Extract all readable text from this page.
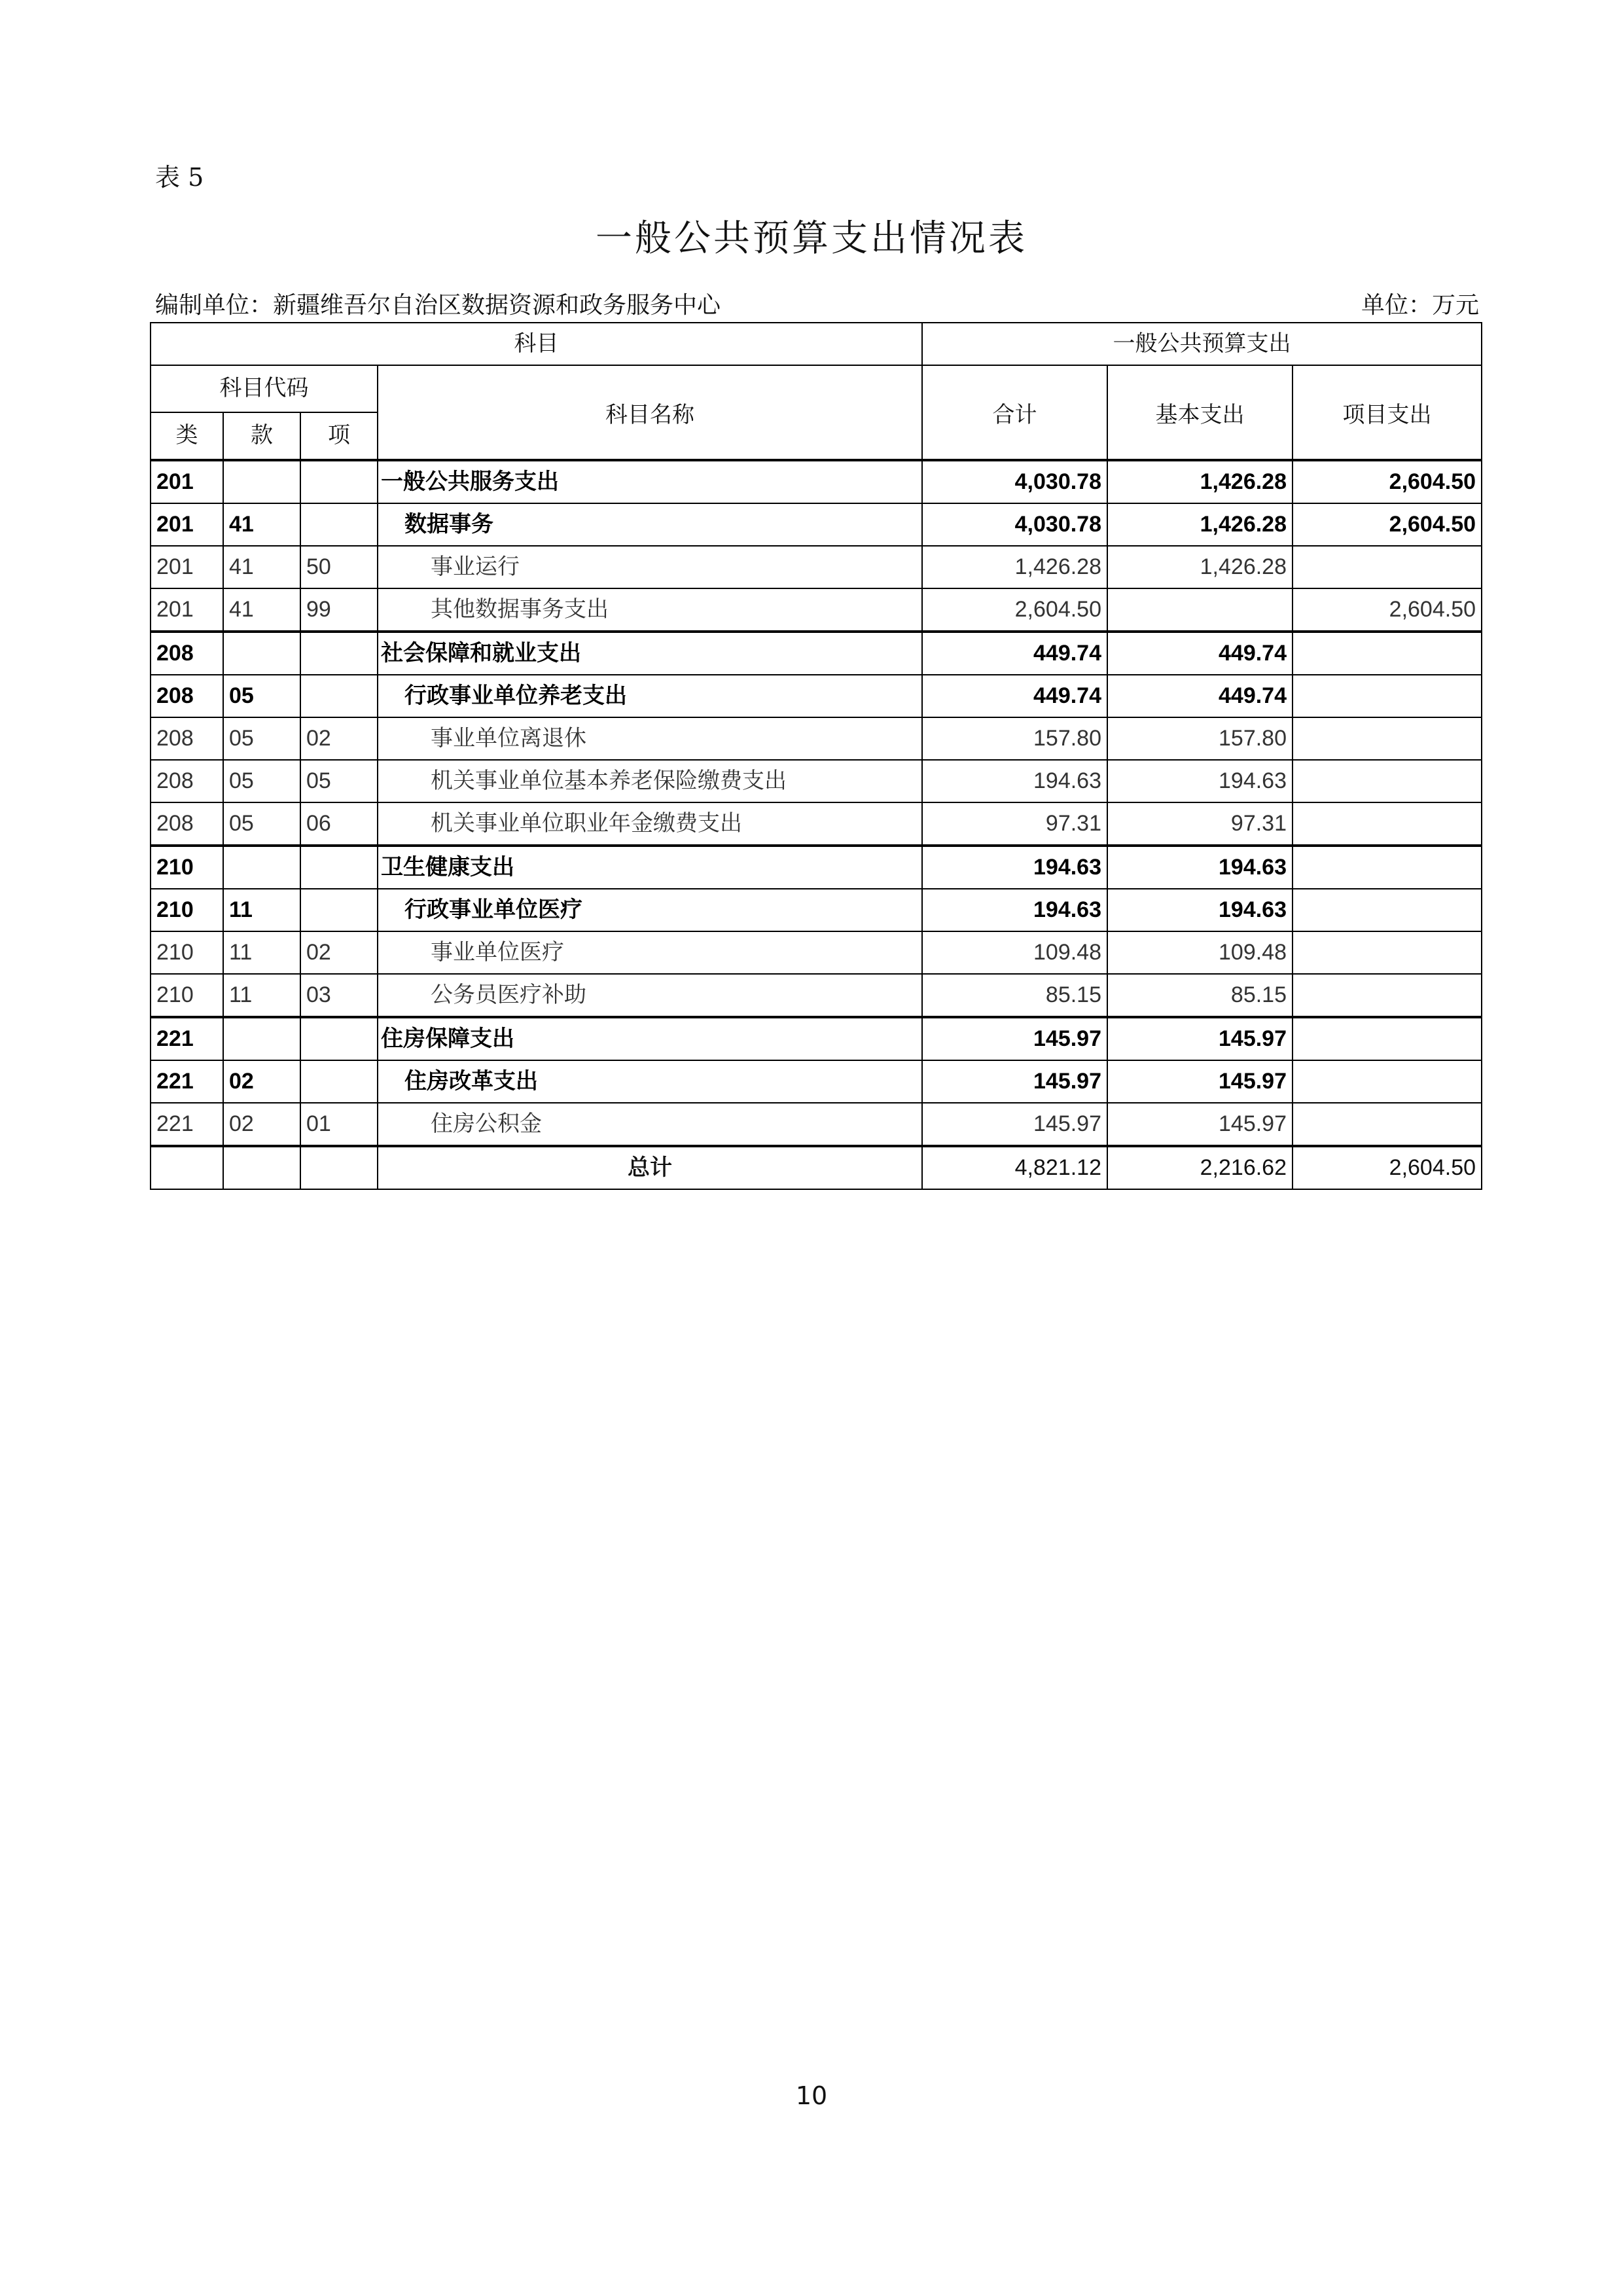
表 5
一般公共预算支出情况表
编制单位：新疆维吾尔自治区数据资源和政务服务中心	单位：万元
科目				一般公共预算支出		
科目代码			科目名称	合计	基本支出	项目支出
类	款	项				
201			一般公共服务支出	4,030.78	1,426.28	2,604.50
201	41		数据事务	4,030.78	1,426.28	2,604.50
201	41	50	事业运行	1,426.28	1,426.28	
201	41	99	其他数据事务支出	2,604.50		2,604.50
208			社会保障和就业支出	449.74	449.74	
208	05		行政事业单位养老支出	449.74	449.74	
208	05	02	事业单位离退休	157.80	157.80	
208	05	05	机关事业单位基本养老保险缴费支出	194.63	194.63	
208	05	06	机关事业单位职业年金缴费支出	97.31	97.31	
210			卫生健康支出	194.63	194.63	
210	11		行政事业单位医疗	194.63	194.63	
210	11	02	事业单位医疗	109.48	109.48	
210	11	03	公务员医疗补助	85.15	85.15	
221			住房保障支出	145.97	145.97	
221	02		住房改革支出	145.97	145.97	
221	02	01	住房公积金	145.97	145.97	
			总计	4,821.12	2,216.62	2,604.50
10
